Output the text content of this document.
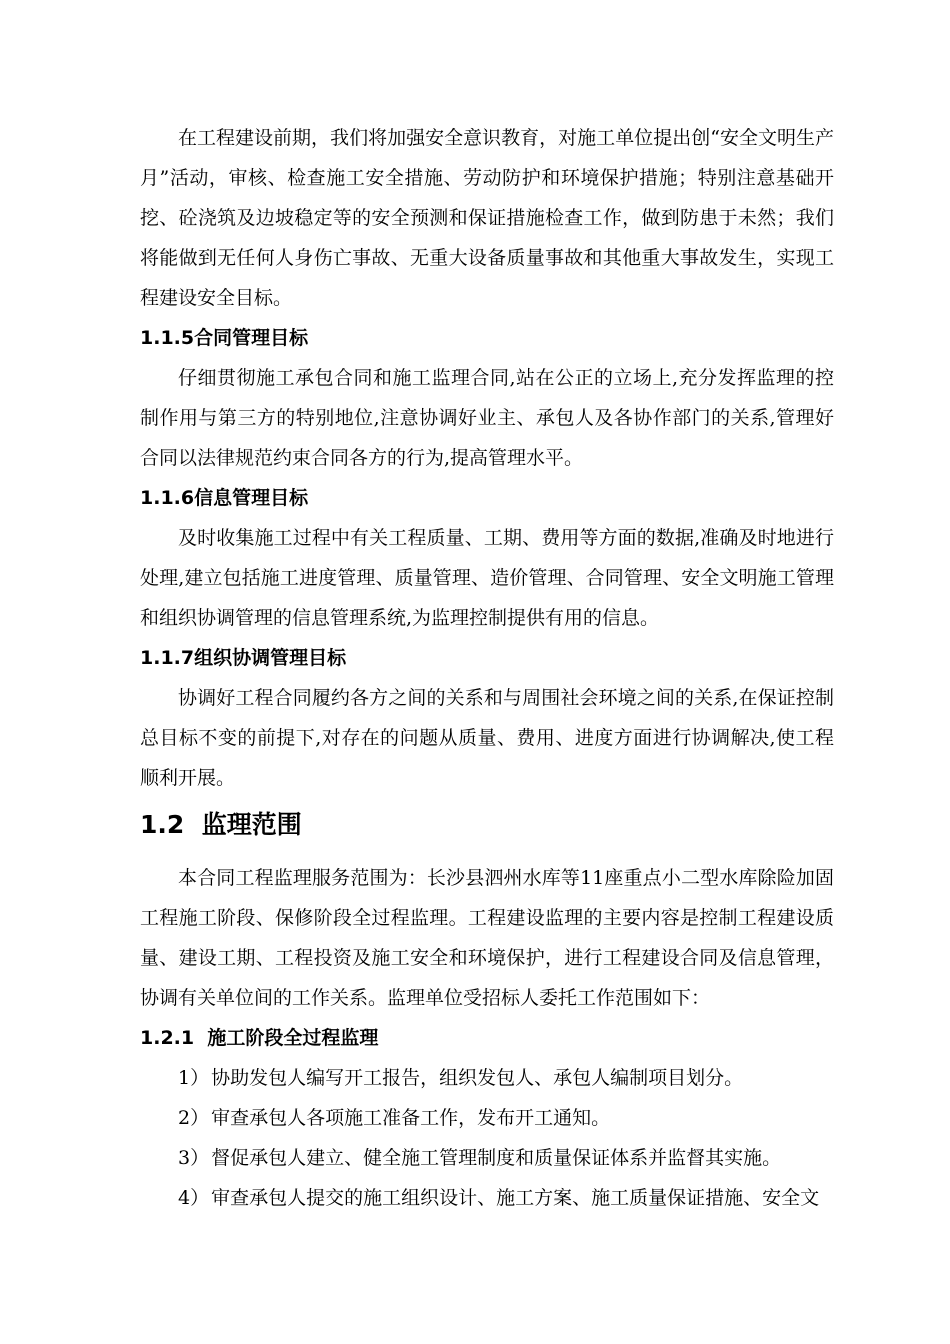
在工程建设前期，我们将加强安全意识教育，对施工单位提出创“安全文明生产月”活动，审核、检查施工安全措施、劳动防护和环境保护措施；特别注意基础开挖、砼浇筑及边坡稳定等的安全预测和保证措施检查工作，做到防患于未然；我们将能做到无任何人身伤亡事故、无重大设备质量事故和其他重大事故发生，实现工程建设安全目标。

1.1.5合同管理目标

仔细贯彻施工承包合同和施工监理合同,站在公正的立场上,充分发挥监理的控制作用与第三方的特别地位,注意协调好业主、承包人及各协作部门的关系,管理好合同以法律规范约束合同各方的行为,提高管理水平。

1.1.6信息管理目标

及时收集施工过程中有关工程质量、工期、费用等方面的数据,准确及时地进行处理,建立包括施工进度管理、质量管理、造价管理、合同管理、安全文明施工管理和组织协调管理的信息管理系统,为监理控制提供有用的信息。

1.1.7组织协调管理目标

协调好工程合同履约各方之间的关系和与周围社会环境之间的关系,在保证控制总目标不变的前提下,对存在的问题从质量、费用、进度方面进行协调解决,使工程顺利开展。

1.2  监理范围

本合同工程监理服务范围为：长沙县泗州水库等11座重点小二型水库除险加固工程施工阶段、保修阶段全过程监理。工程建设监理的主要内容是控制工程建设质量、建设工期、工程投资及施工安全和环境保护，进行工程建设合同及信息管理，协调有关单位间的工作关系。监理单位受招标人委托工作范围如下：

1.2.1  施工阶段全过程监理

1） 协助发包人编写开工报告，组织发包人、承包人编制项目划分。

2） 审查承包人各项施工准备工作，发布开工通知。

3） 督促承包人建立、健全施工管理制度和质量保证体系并监督其实施。

4） 审查承包人提交的施工组织设计、施工方案、施工质量保证措施、安全文
